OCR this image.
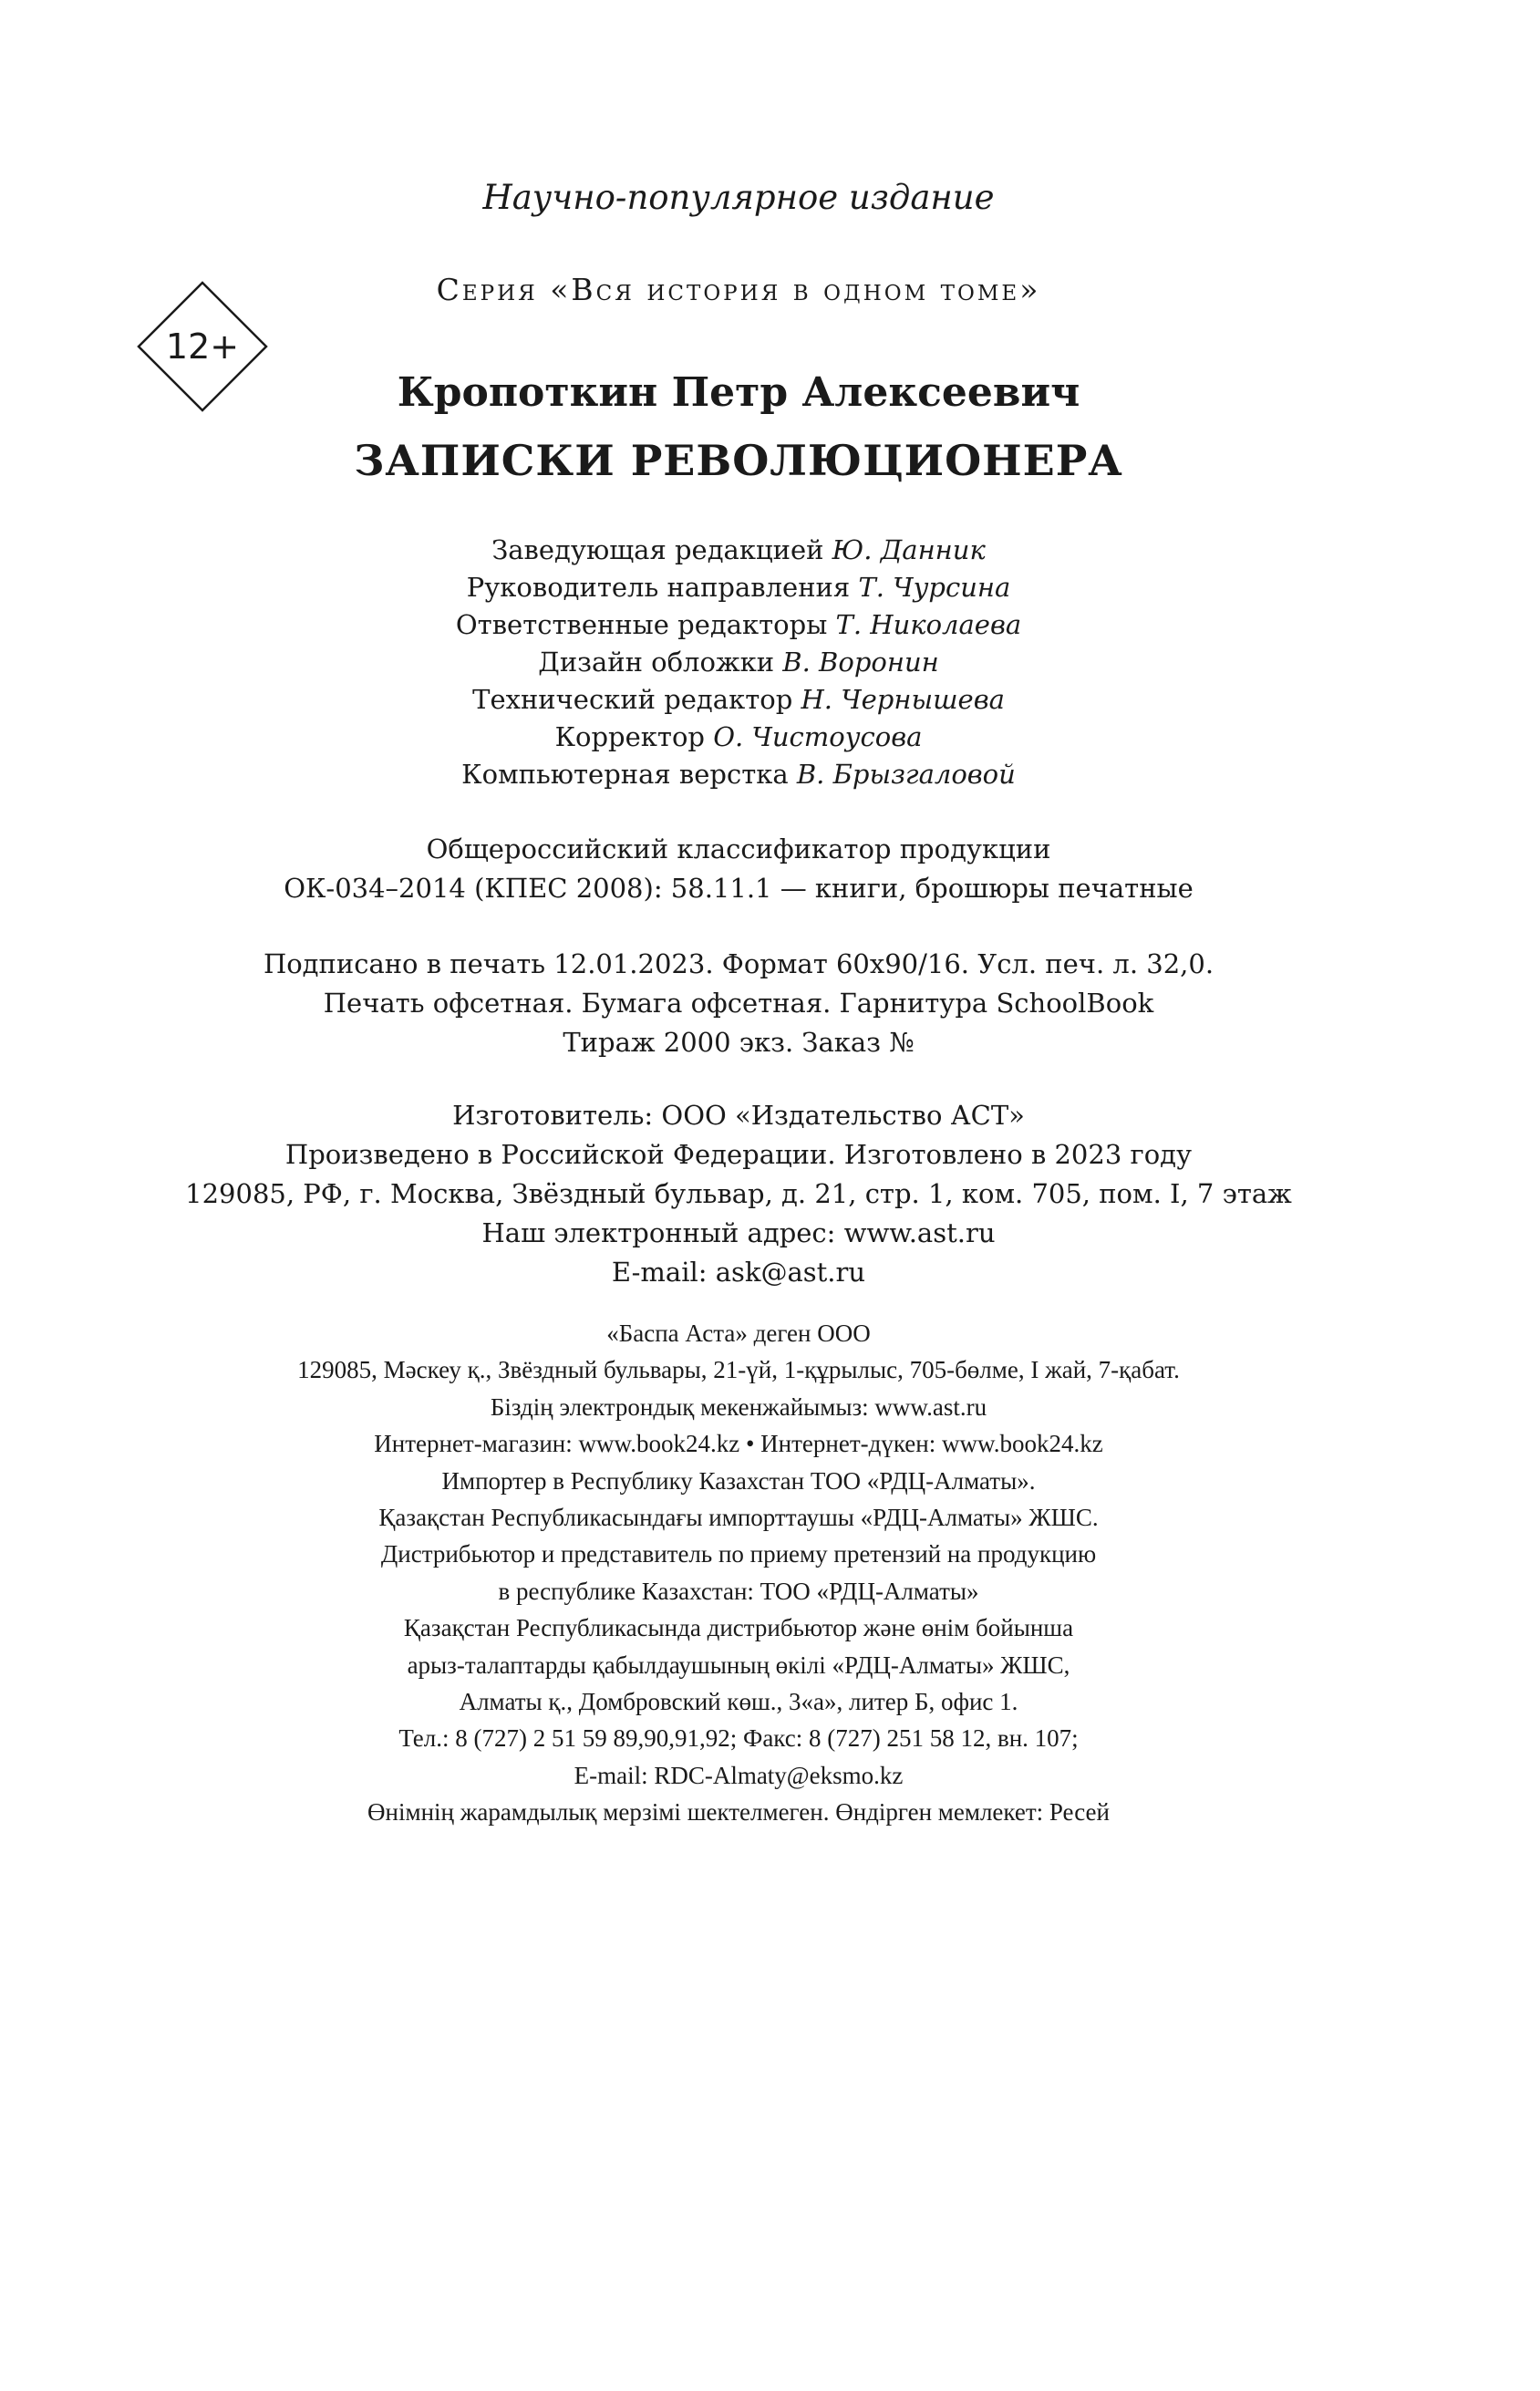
Научно-популярное издание
12+
Серия «Вся история в одном томе»
Кропоткин Петр Алексеевич
ЗАПИСКИ РЕВОЛЮЦИОНЕРА
Заведующая редакцией Ю. Данник
Руководитель направления Т. Чурсина
Ответственные редакторы Т. Николаева
Дизайн обложки В. Воронин
Технический редактор Н. Чернышева
Корректор О. Чистоусова
Компьютерная верстка В. Брызгаловой
Общероссийский классификатор продукции
ОК-034–2014 (КПЕС 2008): 58.11.1 — книги, брошюры печатные
Подписано в печать 12.01.2023. Формат 60x90/16. Усл. печ. л. 32,0.
Печать офсетная. Бумага офсетная. Гарнитура SchoolBook
Тираж 2000 экз. Заказ №
Изготовитель: ООО «Издательство АСТ»
Произведено в Российской Федерации. Изготовлено в 2023 году
129085, РФ, г. Москва, Звёздный бульвар, д. 21, стр. 1, ком. 705, пом. I, 7 этаж
Наш электронный адрес: www.ast.ru
E-mail: ask@ast.ru
«Баспа Аста» деген ООО
129085, Мәскеу қ., Звёздный бульвары, 21-үй, 1-құрылыс, 705-бөлме, I жай, 7-қабат.
Біздің электрондық мекенжайымыз: www.ast.ru
Интернет-магазин: www.book24.kz • Интернет-дүкен: www.book24.kz
Импортер в Республику Казахстан ТОО «РДЦ-Алматы».
Қазақстан Республикасындағы импорттаушы «РДЦ-Алматы» ЖШС.
Дистрибьютор и представитель по приему претензий на продукцию
в республике Казахстан: ТОО «РДЦ-Алматы»
Қазақстан Республикасында дистрибьютор және өнім бойынша
арыз-талаптарды қабылдаушының өкілі «РДЦ-Алматы» ЖШС,
Алматы қ., Домбровский көш., 3«а», литер Б, офис 1.
Тел.: 8 (727) 2 51 59 89,90,91,92; Факс: 8 (727) 251 58 12, вн. 107;
E-mail: RDC-Almaty@eksmo.kz
Өнімнің жарамдылық мерзімі шектелмеген. Өндірген мемлекет: Ресей
